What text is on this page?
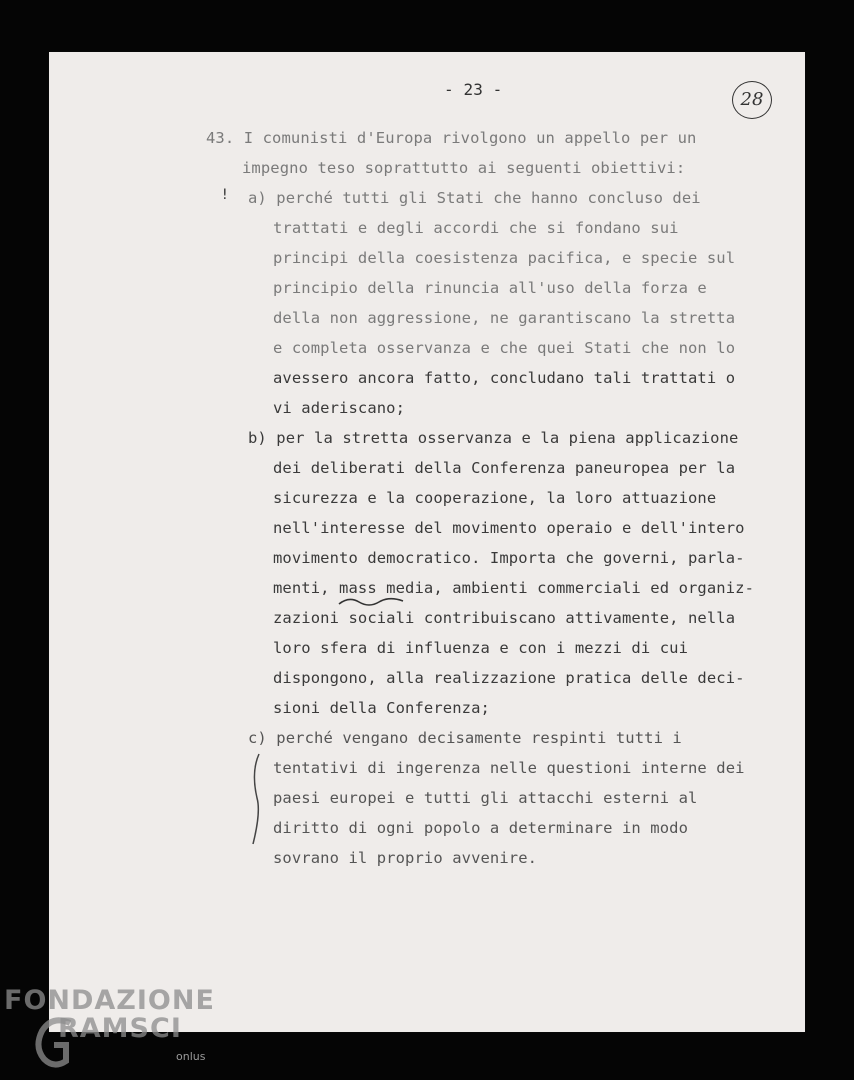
- 23 -	28
43. I comunisti d'Europa rivolgono un appello per un
impegno teso soprattutto ai seguenti obiettivi:
! a) perché tutti gli Stati che hanno concluso dei
trattati e degli accordi che si fondano sui
principi della coesistenza pacifica, e specie sul
principio della rinuncia all'uso della forza e
della non aggressione, ne garantiscano la stretta
e completa osservanza e che quei Stati che non lo
avessero ancora fatto, concludano tali trattati o
vi aderiscano;
b) per la stretta osservanza e la piena applicazione
dei deliberati della Conferenza paneuropea per la
sicurezza e la cooperazione, la loro attuazione
nell'interesse del movimento operaio e dell'intero
movimento democratico. Importa che governi, parla-
menti, mass media, ambienti commerciali ed organiz-
zazioni sociali contribuiscano attivamente, nella
loro sfera di influenza e con i mezzi di cui
dispongono, alla realizzazione pratica delle deci-
sioni della Conferenza;
c) perché vengano decisamente respinti tutti i
tentativi di ingerenza nelle questioni interne dei
paesi europei e tutti gli attacchi esterni al
diritto di ogni popolo a determinare in modo
sovrano il proprio avvenire.
FONDAZIONE
RAMSCI
onlus
